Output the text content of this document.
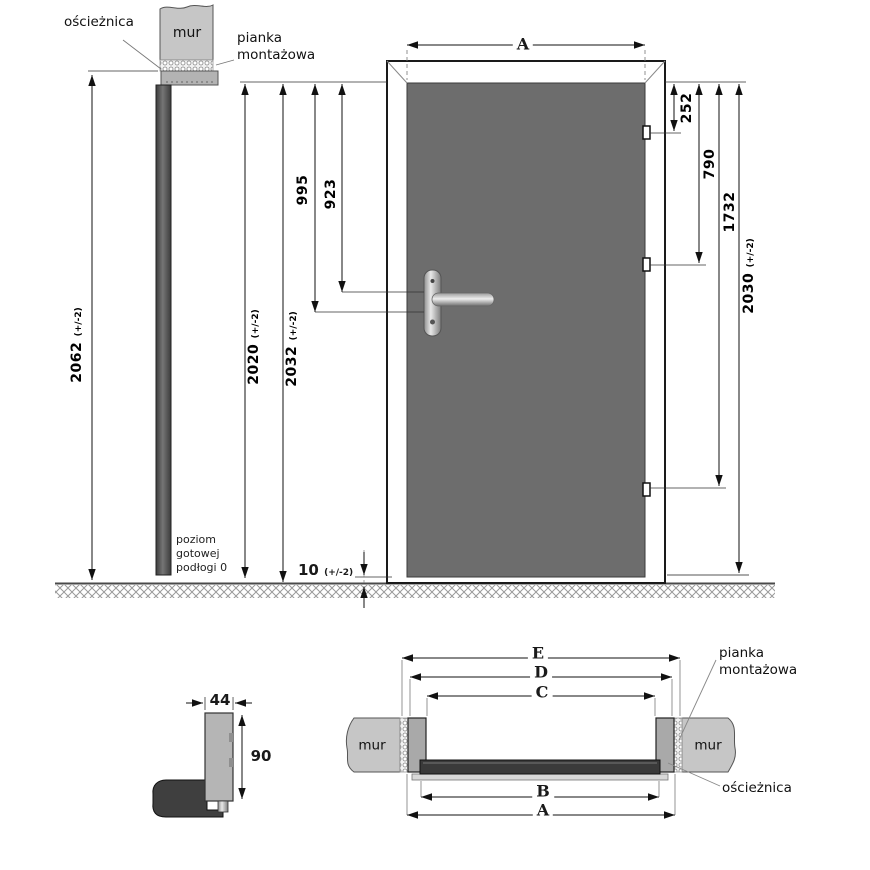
ościeżnica
mur	pianka
montażowa
2062 (+/-2)
poziom
gotowej
podłogi 0
A
2020 (+/-2)
2032 (+/-2)
995 923
252
790
1732
2030 (+/-2)
10 (+/-2)
44
90
E
D
C
B
A
mur	mur
pianka
montażowa
ościeżnica
